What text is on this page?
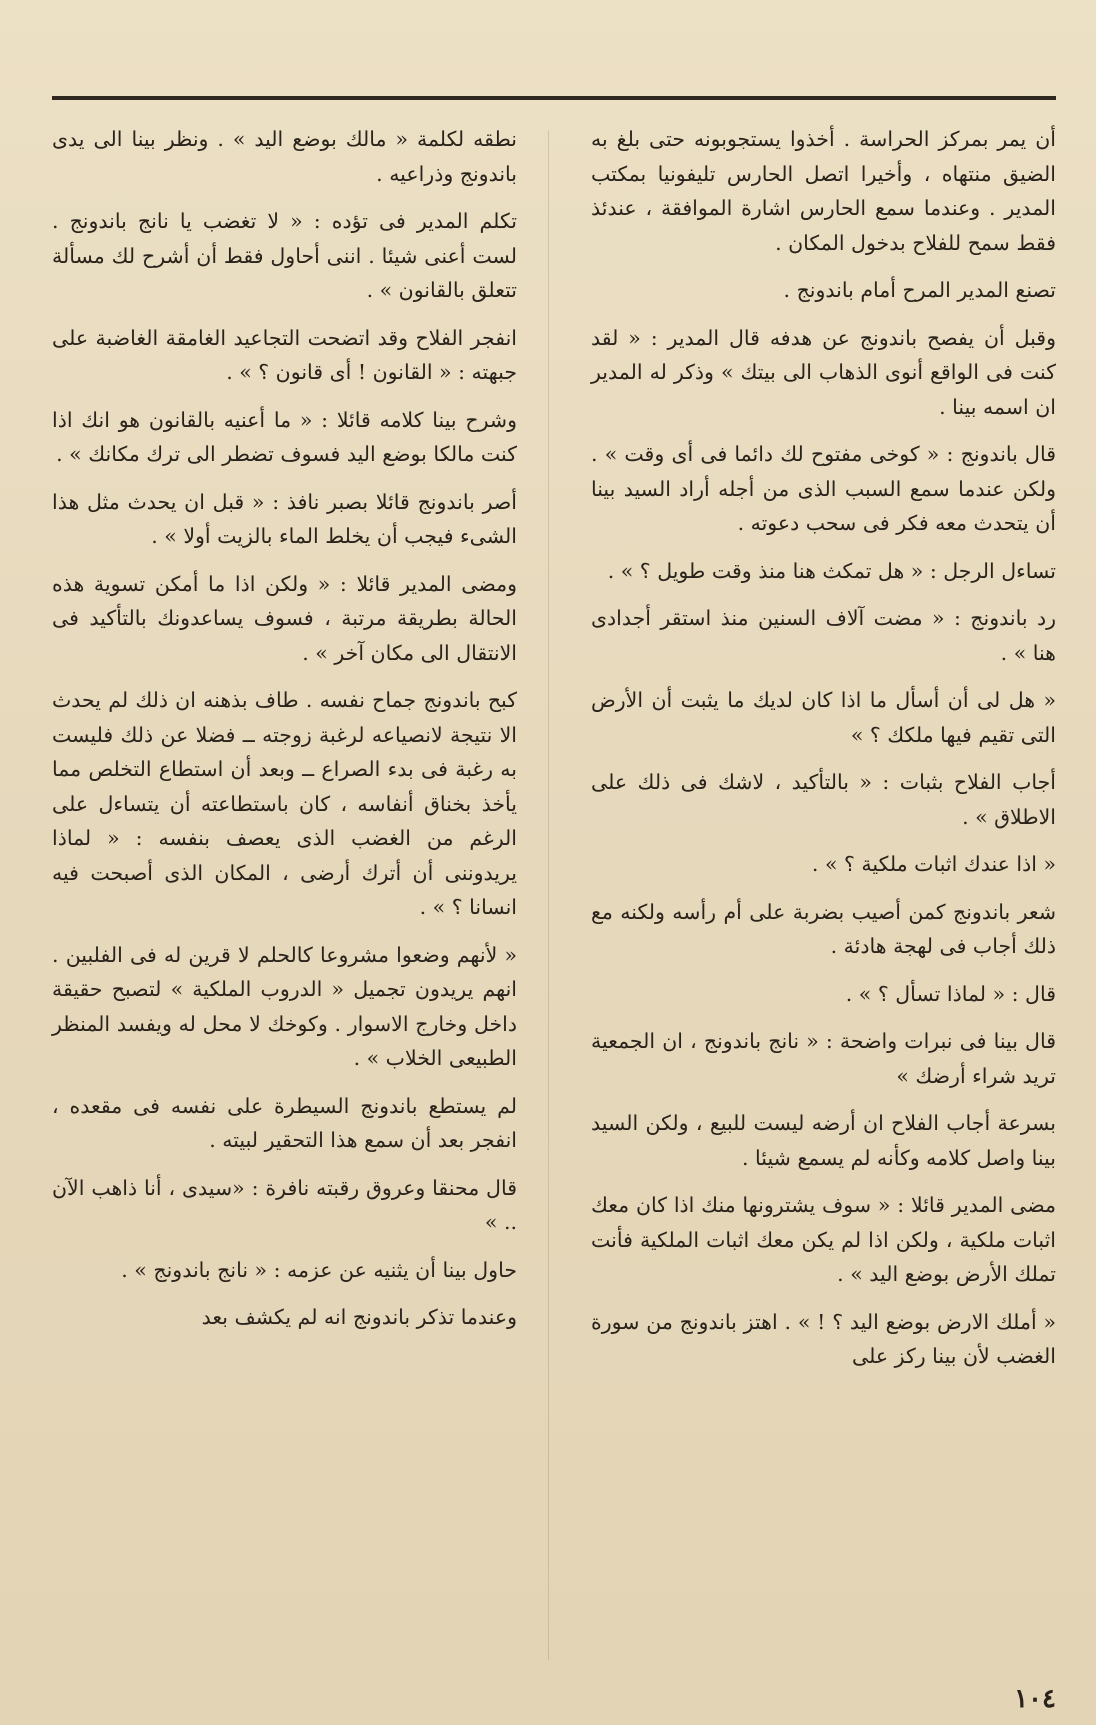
أن يمر بمركز الحراسة . أخذوا يستجوبونه حتى بلغ به الضيق منتهاه ، وأخيرا اتصل الحارس تليفونيا بمكتب المدير . وعندما سمع الحارس اشارة الموافقة ، عندئذ فقط سمح للفلاح بدخول المكان .

تصنع المدير المرح أمام باندونج .

وقبل أن يفصح باندونج عن هدفه قال المدير : « لقد كنت فى الواقع أنوى الذهاب الى بيتك » وذكر له المدير ان اسمه بينا .

قال باندونج : « كوخى مفتوح لك دائما فى أى وقت » . ولكن عندما سمع السبب الذى من أجله أراد السيد بينا أن يتحدث معه فكر فى سحب دعوته .

تساءل الرجل : « هل تمكث هنا منذ وقت طويل ؟ » .

رد باندونج : « مضت آلاف السنين منذ استقر أجدادى هنا » .

« هل لى أن أسأل ما اذا كان لديك ما يثبت أن الأرض التى تقيم فيها ملكك ؟ »

أجاب الفلاح بثبات : « بالتأكيد ، لاشك فى ذلك على الاطلاق » .

« اذا عندك اثبات ملكية ؟ » .

شعر باندونج كمن أصيب بضربة على أم رأسه ولكنه مع ذلك أجاب فى لهجة هادئة .

قال : « لماذا تسأل ؟ » .

قال بينا فى نبرات واضحة : « نانج باندونج ، ان الجمعية تريد شراء أرضك »

بسرعة أجاب الفلاح ان أرضه ليست للبيع ، ولكن السيد بينا واصل كلامه وكأنه لم يسمع شيئا .

مضى المدير قائلا : « سوف يشترونها منك اذا كان معك اثبات ملكية ، ولكن اذا لم يكن معك اثبات الملكية فأنت تملك الأرض بوضع اليد » .

« أملك الارض بوضع اليد ؟ ! » . اهتز باندونج من سورة الغضب لأن بينا ركز على

نطقه لكلمة « مالك بوضع اليد » . ونظر بينا الى يدى باندونج وذراعيه .

تكلم المدير فى تؤده : « لا تغضب يا نانج باندونج . لست أعنى شيئا . اننى أحاول فقط أن أشرح لك مسألة تتعلق بالقانون » .

انفجر الفلاح وقد اتضحت التجاعيد الغامقة الغاضبة على جبهته : « القانون ! أى قانون ؟ » .

وشرح بينا كلامه قائلا : « ما أعنيه بالقانون هو انك اذا كنت مالكا بوضع اليد فسوف تضطر الى ترك مكانك » .

أصر باندونج قائلا بصبر نافذ : « قبل ان يحدث مثل هذا الشىء فيجب أن يخلط الماء بالزيت أولا » .

ومضى المدير قائلا : « ولكن اذا ما أمكن تسوية هذه الحالة بطريقة مرتبة ، فسوف يساعدونك بالتأكيد فى الانتقال الى مكان آخر » .

كبح باندونج جماح نفسه . طاف بذهنه ان ذلك لم يحدث الا نتيجة لانصياعه لرغبة زوجته ــ فضلا عن ذلك فليست به رغبة فى بدء الصراع ــ وبعد أن استطاع التخلص مما يأخذ بخناق أنفاسه ، كان باستطاعته أن يتساءل على الرغم من الغضب الذى يعصف بنفسه : « لماذا يريدوننى أن أترك أرضى ، المكان الذى أصبحت فيه انسانا ؟ » .

« لأنهم وضعوا مشروعا كالحلم لا قرين له فى الفلبين . انهم يريدون تجميل « الدروب الملكية » لتصبح حقيقة داخل وخارج الاسوار . وكوخك لا محل له ويفسد المنظر الطبيعى الخلاب » .

لم يستطع باندونج السيطرة على نفسه فى مقعده ، انفجر بعد أن سمع هذا التحقير لبيته .

قال محنقا وعروق رقبته نافرة : «سيدى ، أنا ذاهب الآن .. »

حاول بينا أن يثنيه عن عزمه : « نانج باندونج » .

وعندما تذكر باندونج انه لم يكشف بعد

١٠٤
